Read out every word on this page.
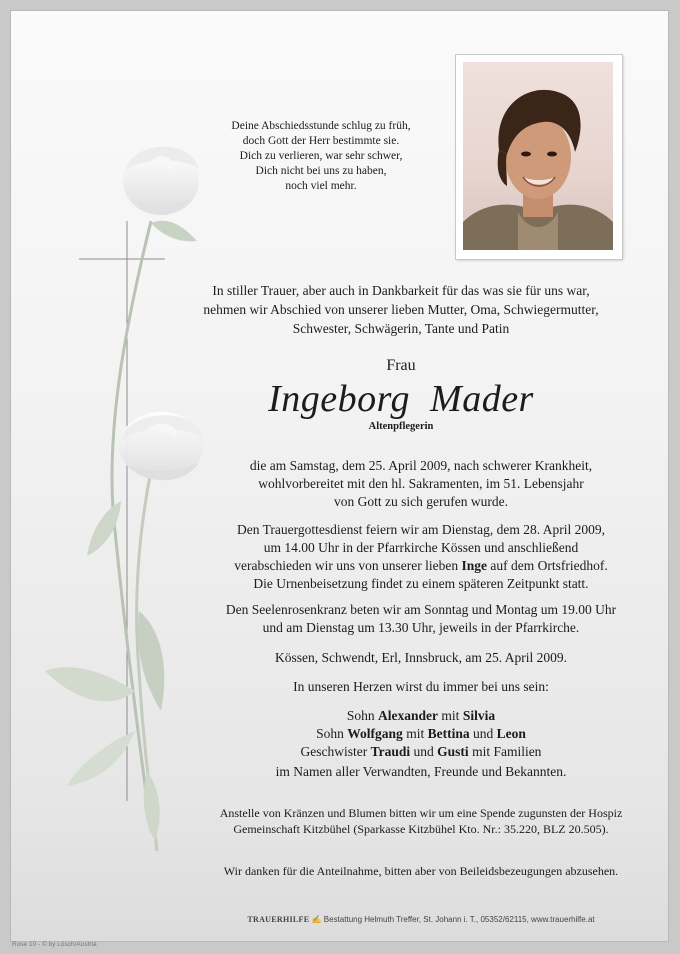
Deine Abschiedsstunde schlug zu früh,
doch Gott der Herr bestimmte sie.
Dich zu verlieren, war sehr schwer,
Dich nicht bei uns zu haben,
noch viel mehr.
In stiller Trauer, aber auch in Dankbarkeit für das was sie für uns war,
nehmen wir Abschied von unserer lieben Mutter, Oma, Schwiegermutter,
Schwester, Schwägerin, Tante und Patin
Frau
Ingeborg  Mader
Altenpflegerin

die am Samstag, dem 25. April 2009, nach schwerer Krankheit,

wohlvorbereitet mit den hl. Sakramenten, im 51. Lebensjahr

von Gott zu sich gerufen wurde.

Den Trauergottesdienst feiern wir am Dienstag, dem 28. April 2009,

um 14.00 Uhr in der Pfarrkirche Kössen und anschließend

verabschieden wir uns von unserer lieben Inge auf dem Ortsfriedhof.

Die Urnenbeisetzung findet zu einem späteren Zeitpunkt statt.

Den Seelenrosenkranz beten wir am Sonntag und Montag um 19.00 Uhr

und am Dienstag um 13.30 Uhr, jeweils in der Pfarrkirche.

Kössen, Schwendt, Erl, Innsbruck, am 25. April 2009.
In unseren Herzen wirst du immer bei uns sein:

Sohn Alexander mit Silvia

Sohn Wolfgang mit Bettina und Leon

Geschwister Traudi und Gusti mit Familien

im Namen aller Verwandten, Freunde und Bekannten.
Anstelle von Kränzen und Blumen bitten wir um eine Spende zugunsten der Hospiz
Gemeinschaft Kitzbühel (Sparkasse Kitzbühel Kto. Nr.: 35.220, BLZ 20.505).
Wir danken für die Anteilnahme, bitten aber von Beileidsbezeugungen abzusehen.
TRAUERHILFE ✍ Bestattung Helmuth Treffer, St. Johann i. T., 05352/62115, www.trauerhilfe.at
Rose 10 - © by Lösch/Austria
